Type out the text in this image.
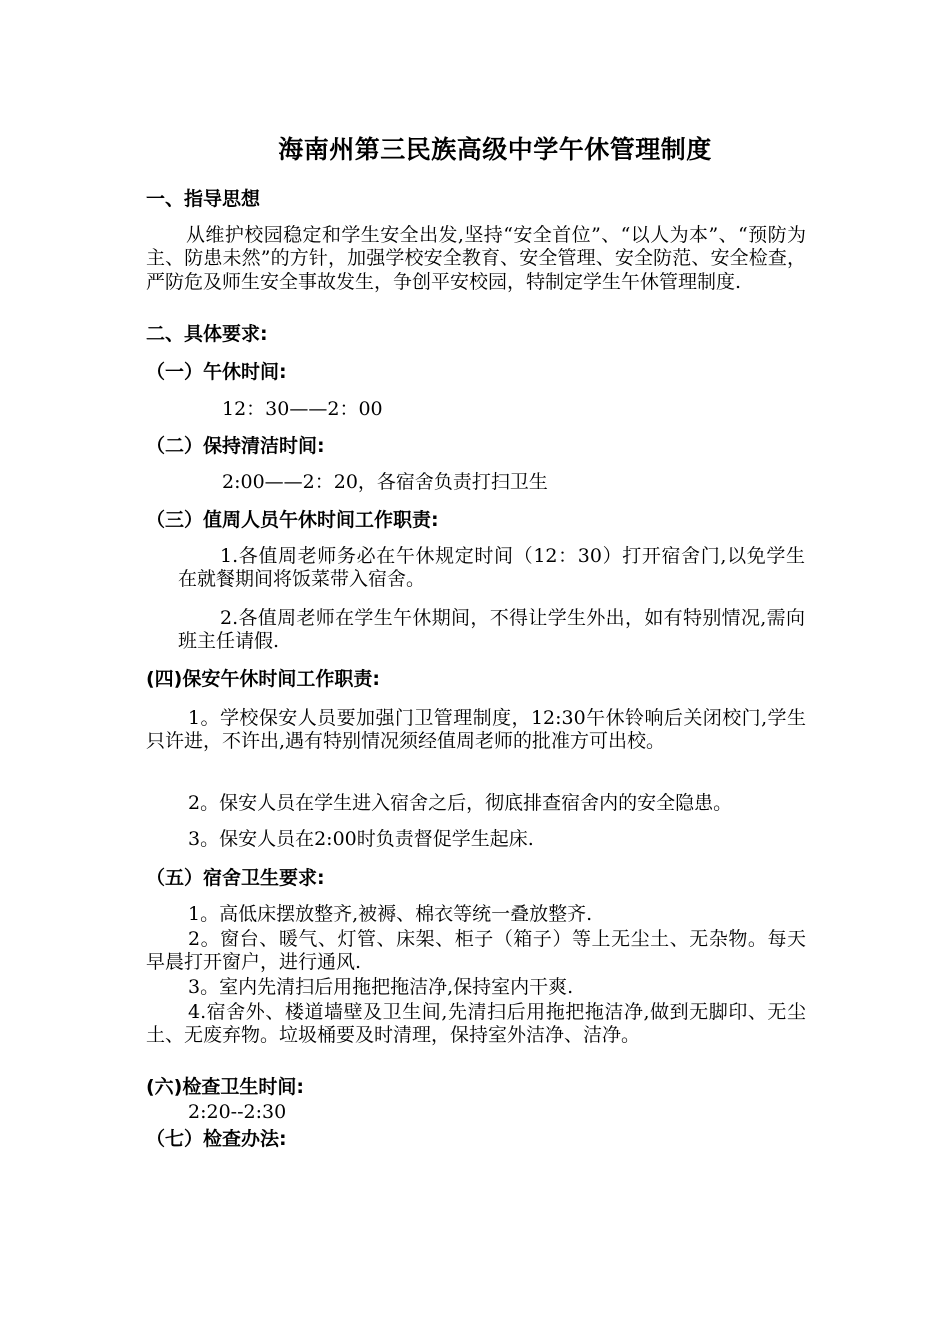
海南州第三民族高级中学午休管理制度
一、指导思想
从维护校园稳定和学生安全出发,坚持“安全首位”、“以人为本”、“预防为主、防患未然”的方针，加强学校安全教育、安全管理、安全防范、安全检查，严防危及师生安全事故发生，争创平安校园，特制定学生午休管理制度.
二、具体要求:
（一）午休时间:
12：30——2：00
（二）保持清洁时间:
2:00——2：20，各宿舍负责打扫卫生
（三）值周人员午休时间工作职责:
1.各值周老师务必在午休规定时间（12：30）打开宿舍门,以免学生在就餐期间将饭菜带入宿舍。
2.各值周老师在学生午休期间，不得让学生外出，如有特别情况,需向班主任请假.
(四)保安午休时间工作职责:
1。学校保安人员要加强门卫管理制度，12:30午休铃响后关闭校门,学生只许进，不许出,遇有特别情况须经值周老师的批准方可出校。
2。保安人员在学生进入宿舍之后，彻底排查宿舍内的安全隐患。
3。保安人员在2:00时负责督促学生起床.
（五）宿舍卫生要求:
1。高低床摆放整齐,被褥、棉衣等统一叠放整齐.
2。窗台、暖气、灯管、床架、柜子（箱子）等上无尘土、无杂物。每天早晨打开窗户，进行通风.
3。室内先清扫后用拖把拖洁净,保持室内干爽.
4.宿舍外、楼道墙壁及卫生间,先清扫后用拖把拖洁净,做到无脚印、无尘土、无废弃物。垃圾桶要及时清理，保持室外洁净、洁净。
(六)检查卫生时间:
2:20--2:30
（七）检查办法:
